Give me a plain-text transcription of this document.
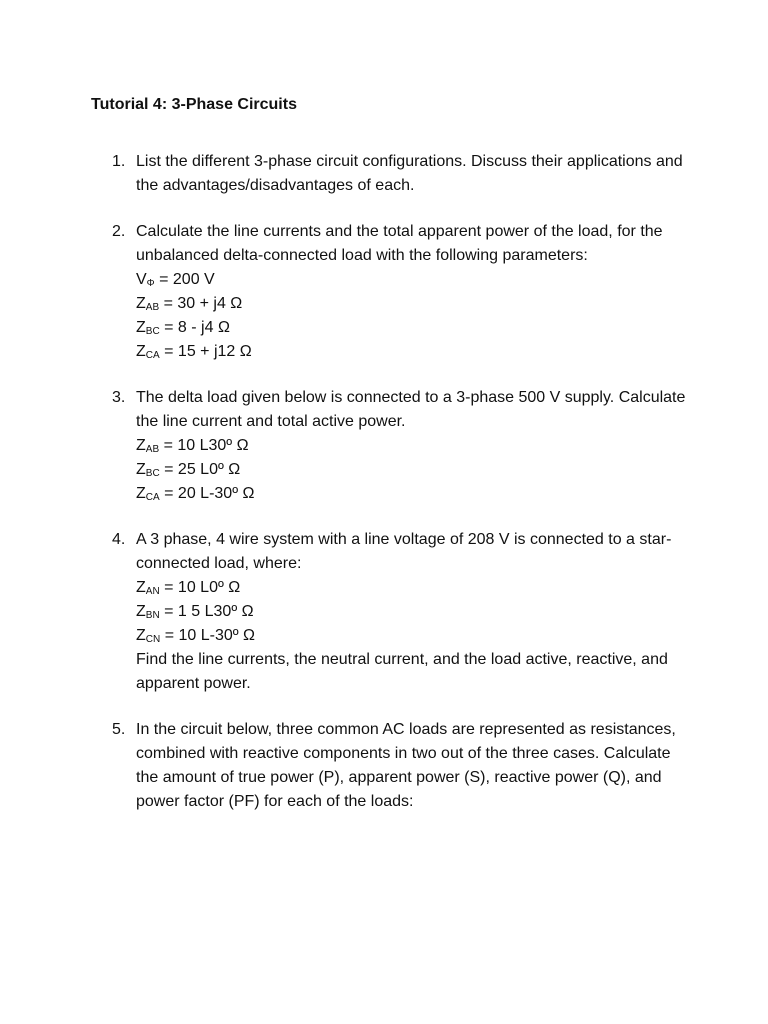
Tutorial 4: 3-Phase Circuits
1. List the different 3-phase circuit configurations. Discuss their applications and the advantages/disadvantages of each.
2. Calculate the line currents and the total apparent power of the load, for the unbalanced delta-connected load with the following parameters:
$V_\Phi = 200$ V
$Z_{AB} = 30 + j4$ Ω
$Z_{BC} = 8 - j4$ Ω
$Z_{CA} = 15 + j12$ Ω
3. The delta load given below is connected to a 3-phase 500 V supply. Calculate the line current and total active power.
$Z_{AB} = 10$ L30º Ω
$Z_{BC} = 25$ L0º Ω
$Z_{CA} = 20$ L-30º Ω
4. A 3 phase, 4 wire system with a line voltage of 208 V is connected to a star-connected load, where:
$Z_{AN} = 10$ L0º Ω
$Z_{BN} = 1$ 5 L30º Ω
$Z_{CN} = 10$ L-30º Ω
Find the line currents, the neutral current, and the load active, reactive, and apparent power.
5. In the circuit below, three common AC loads are represented as resistances, combined with reactive components in two out of the three cases. Calculate the amount of true power (P), apparent power (S), reactive power (Q), and power factor (PF) for each of the loads:
